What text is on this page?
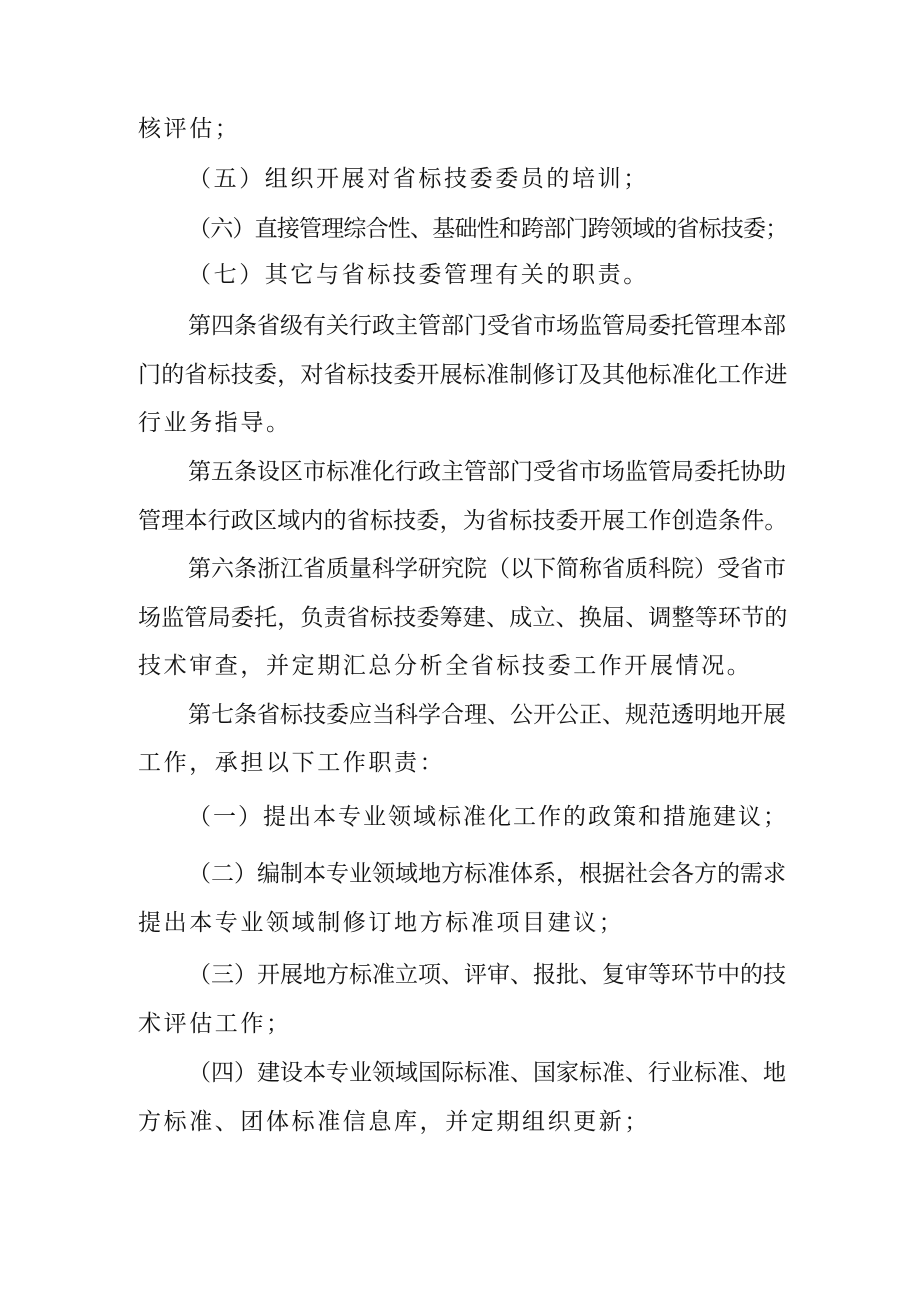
核评估；

（五）组织开展对省标技委委员的培训；

（六）直接管理综合性、基础性和跨部门跨领域的省标技委；

（七）其它与省标技委管理有关的职责。

第四条省级有关行政主管部门受省市场监管局委托管理本部

门的省标技委，对省标技委开展标准制修订及其他标准化工作进

行业务指导。

第五条设区市标准化行政主管部门受省市场监管局委托协助

管理本行政区域内的省标技委，为省标技委开展工作创造条件。

第六条浙江省质量科学研究院（以下简称省质科院）受省市

场监管局委托，负责省标技委筹建、成立、换届、调整等环节的

技术审查，并定期汇总分析全省标技委工作开展情况。

第七条省标技委应当科学合理、公开公正、规范透明地开展

工作，承担以下工作职责：

（一）提出本专业领域标准化工作的政策和措施建议；

（二）编制本专业领域地方标准体系，根据社会各方的需求

提出本专业领域制修订地方标准项目建议；

（三）开展地方标准立项、评审、报批、复审等环节中的技

术评估工作；

（四）建设本专业领域国际标准、国家标准、行业标准、地

方标准、团体标准信息库，并定期组织更新；
